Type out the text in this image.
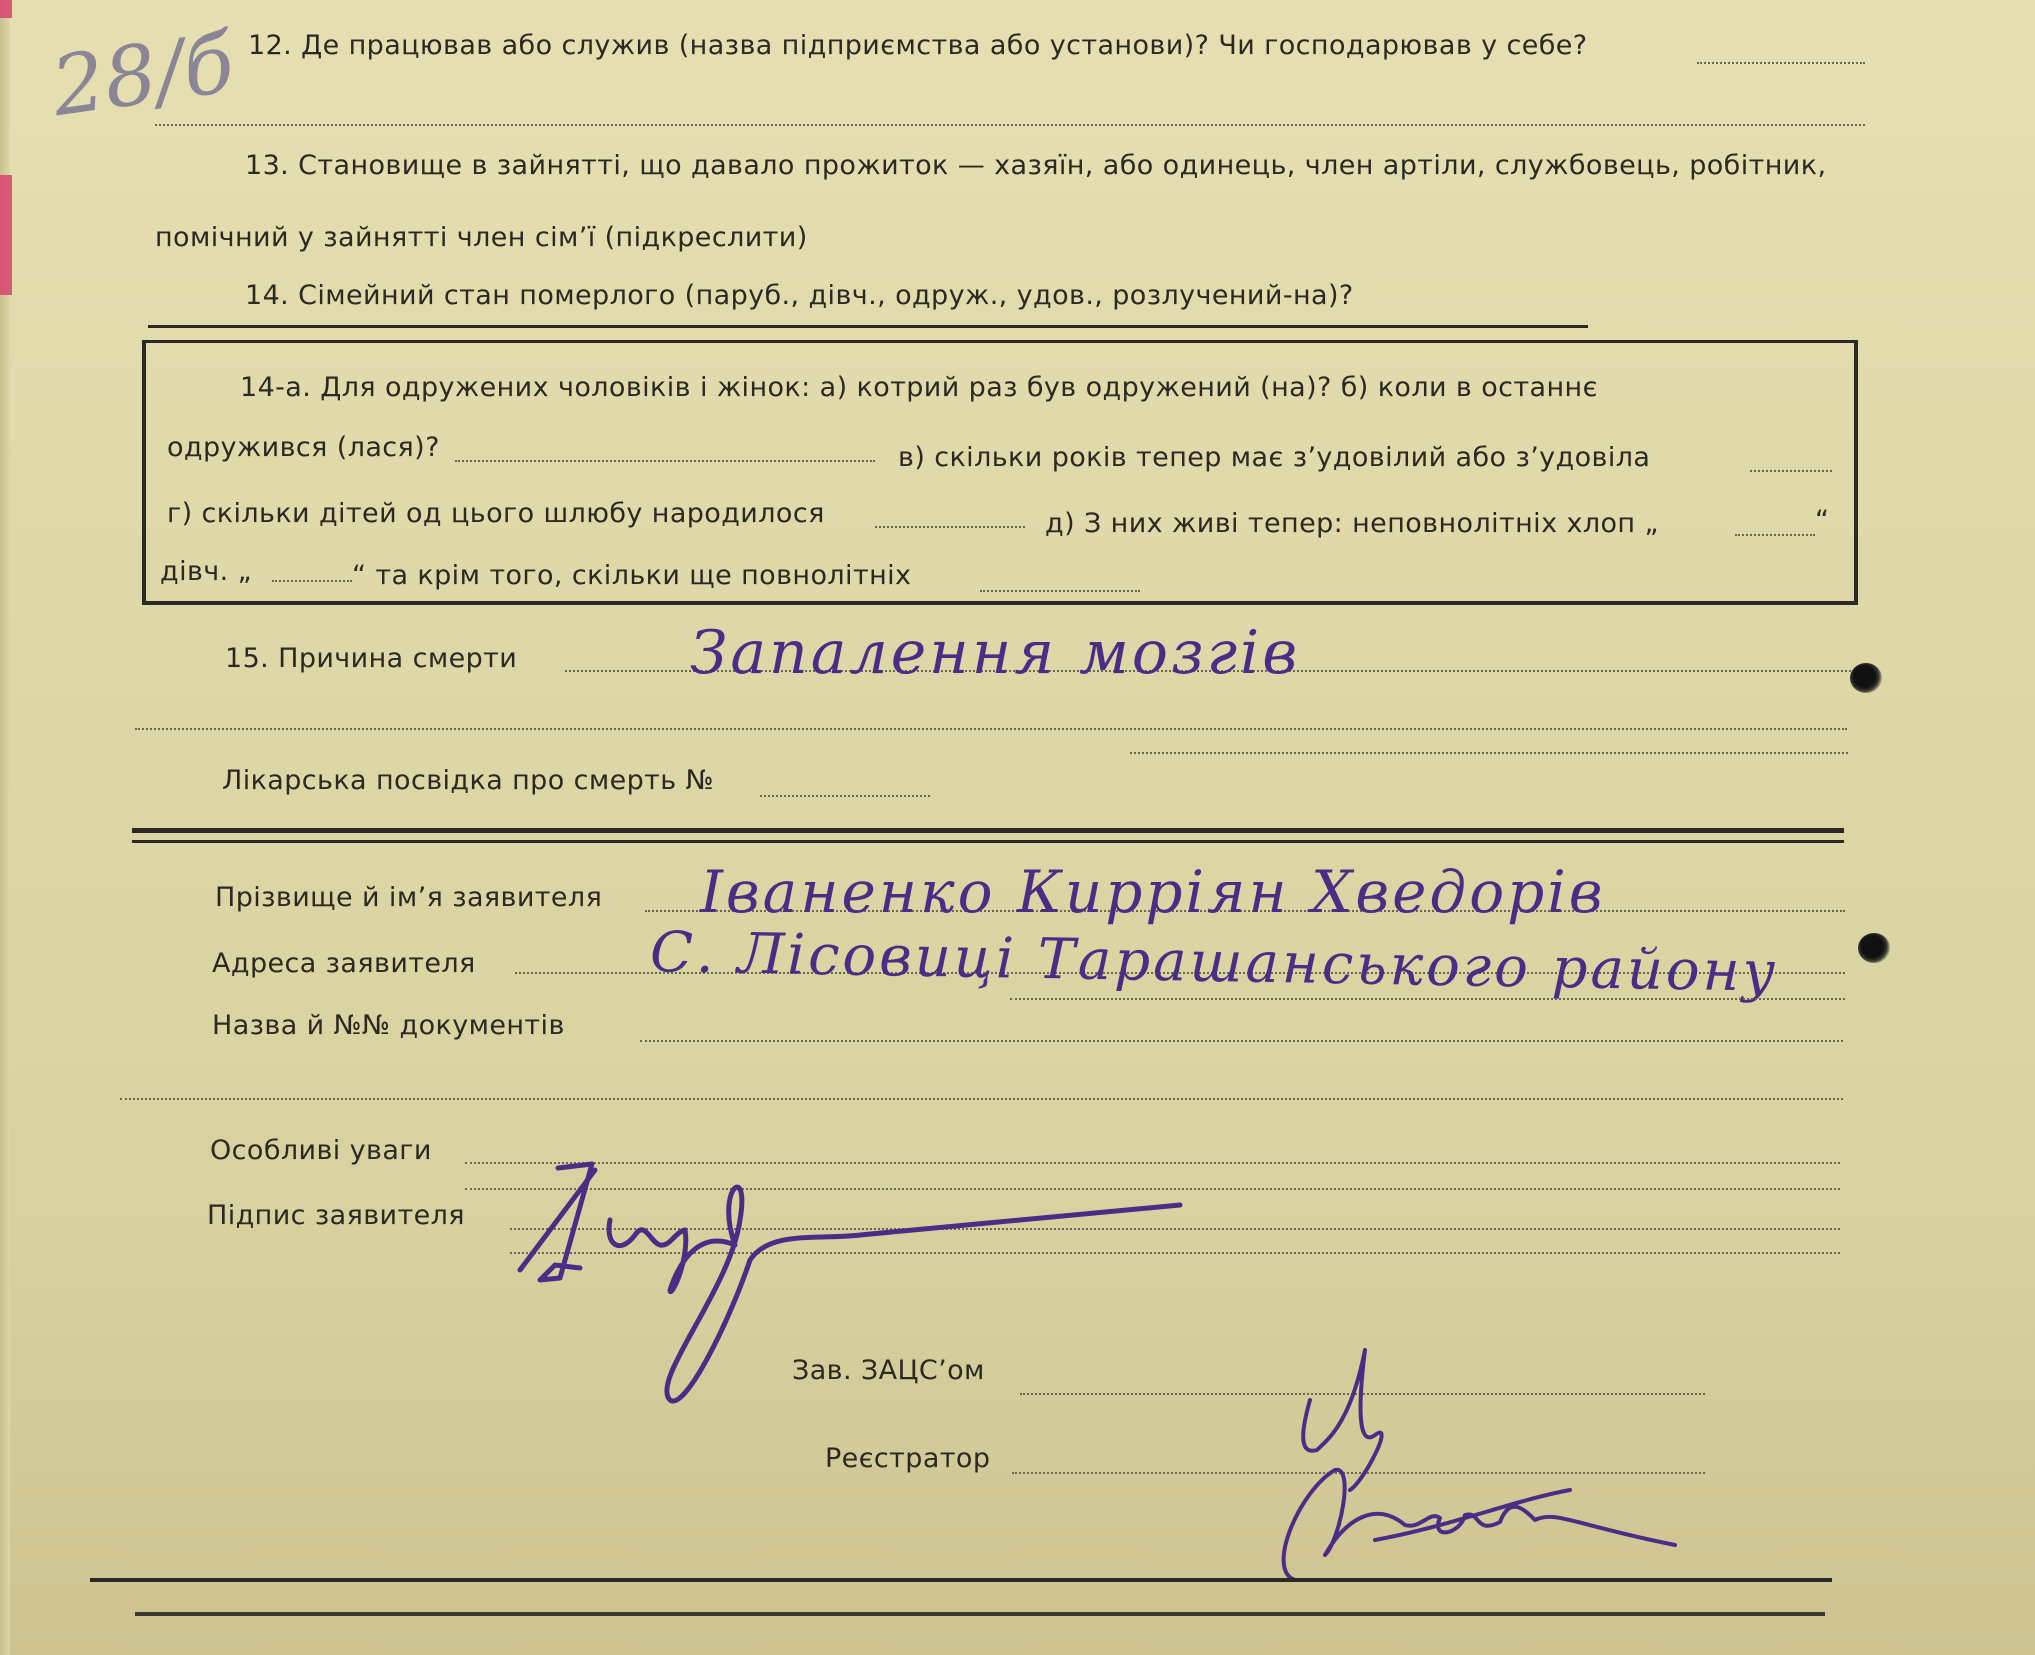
28/б 12. Де працював або служив (назва підприємства або установи)? Чи господарював у себе?
13. Становище в зайнятті, що давало прожиток — хазяїн, або одинець, член артіли, службовець, робітник,
помічний у зайнятті член сім’ї (підкреслити)
14. Сімейний стан померлого (паруб., дівч., одруж., удов., розлучений-на)?
14-а. Для одружених чоловіків і жінок: а) котрий раз був одружений (на)? б) коли в останнє
одружився (лася)?	в) скільки років тепер має з’удовілий або з’удовіла
г) скільки дітей од цього шлюбу народилося	д) З них живі тепер: неповнолітніх хлоп „	“
дівч. „	“ та крім того, скільки ще повнолітніх
15. Причина смерти	Запалення мозгів
Лікарська посвідка про смерть №
Прізвище й ім’я заявителя Іваненко Кирріян Хведорів
Адреса заявителя	С. Лісовиці Тарашанського району
Назва й №№ документів
Особливі уваги
Підпис заявителя
Зав. ЗАЦС’ом
Реєстратор
